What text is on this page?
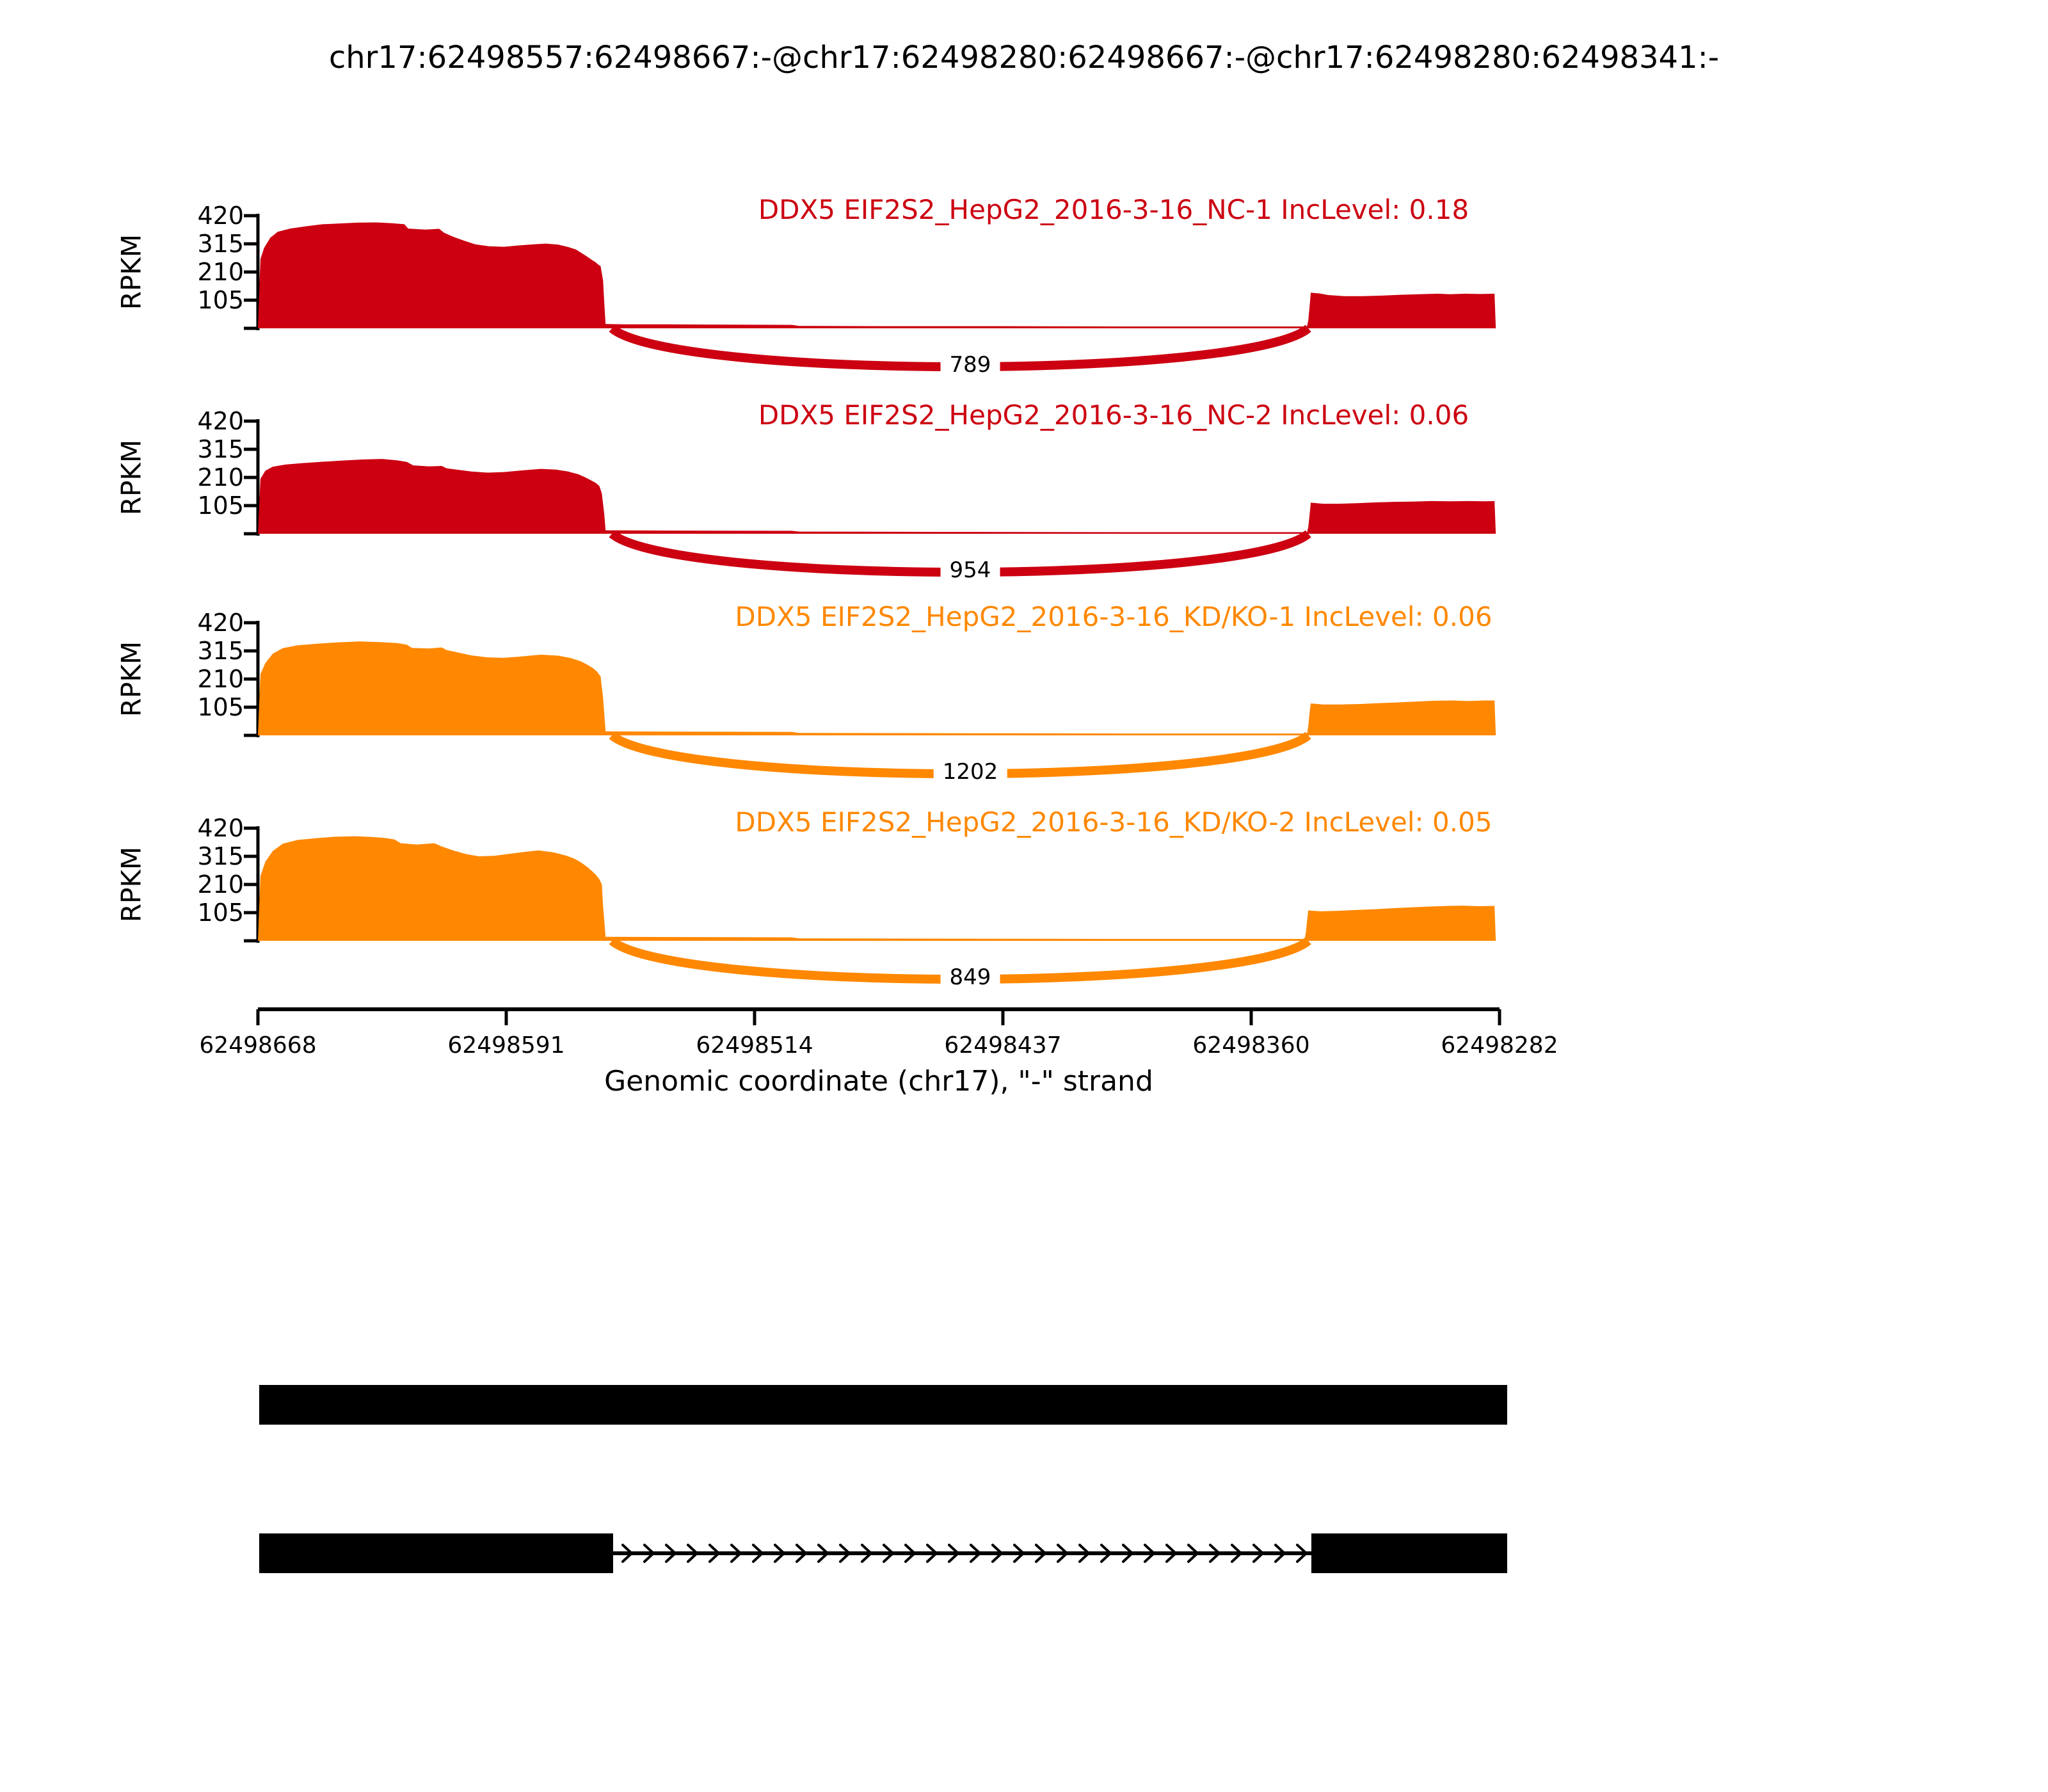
chr17:62498557:62498667:-@chr17:62498280:62498667:-@chr17:62498280:62498341:-
420
315
210
105
RPKM
DDX5 EIF2S2_HepG2_2016-3-16_NC-1 IncLevel: 0.18
789
420
315
210
105
RPKM
DDX5 EIF2S2_HepG2_2016-3-16_NC-2 IncLevel: 0.06
954
420
315
210
105
RPKM
DDX5 EIF2S2_HepG2_2016-3-16_KD/KO-1 IncLevel: 0.06
1202
420
315
210
105
RPKM
DDX5 EIF2S2_HepG2_2016-3-16_KD/KO-2 IncLevel: 0.05
849
62498668	62498591	62498514	62498437	62498360	62498282
Genomic coordinate (chr17), "-" strand
